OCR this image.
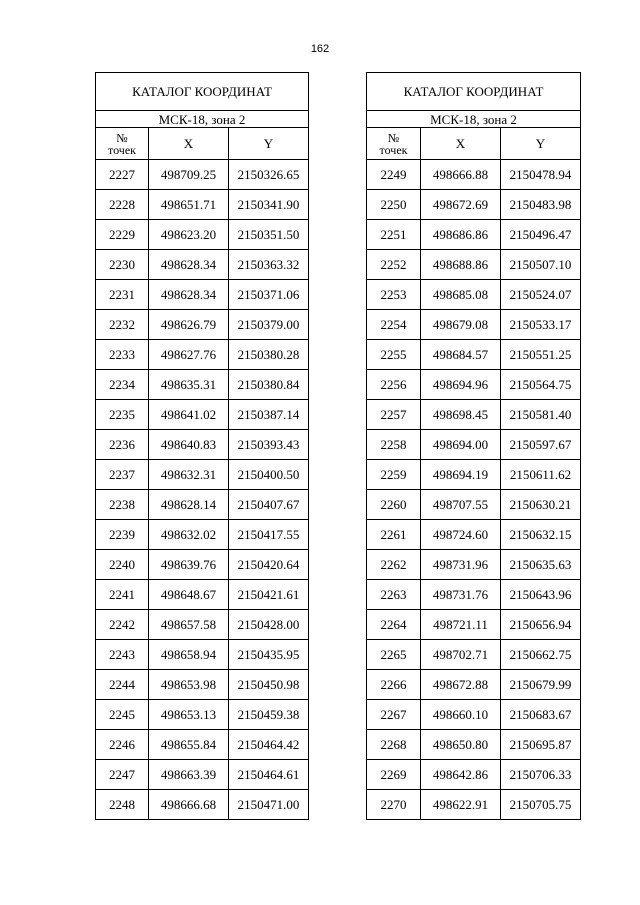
162
КАТАЛОГ КООРДИНАТ		
МСК-18, зона 2		
№
точек	X	Y
2227	498709.25	2150326.65
2228	498651.71	2150341.90
2229	498623.20	2150351.50
2230	498628.34	2150363.32
2231	498628.34	2150371.06
2232	498626.79	2150379.00
2233	498627.76	2150380.28
2234	498635.31	2150380.84
2235	498641.02	2150387.14
2236	498640.83	2150393.43
2237	498632.31	2150400.50
2238	498628.14	2150407.67
2239	498632.02	2150417.55
2240	498639.76	2150420.64
2241	498648.67	2150421.61
2242	498657.58	2150428.00
2243	498658.94	2150435.95
2244	498653.98	2150450.98
2245	498653.13	2150459.38
2246	498655.84	2150464.42
2247	498663.39	2150464.61
2248	498666.68	2150471.00
КАТАЛОГ КООРДИНАТ		
МСК-18, зона 2		
№
точек	X	Y
2249	498666.88	2150478.94
2250	498672.69	2150483.98
2251	498686.86	2150496.47
2252	498688.86	2150507.10
2253	498685.08	2150524.07
2254	498679.08	2150533.17
2255	498684.57	2150551.25
2256	498694.96	2150564.75
2257	498698.45	2150581.40
2258	498694.00	2150597.67
2259	498694.19	2150611.62
2260	498707.55	2150630.21
2261	498724.60	2150632.15
2262	498731.96	2150635.63
2263	498731.76	2150643.96
2264	498721.11	2150656.94
2265	498702.71	2150662.75
2266	498672.88	2150679.99
2267	498660.10	2150683.67
2268	498650.80	2150695.87
2269	498642.86	2150706.33
2270	498622.91	2150705.75
